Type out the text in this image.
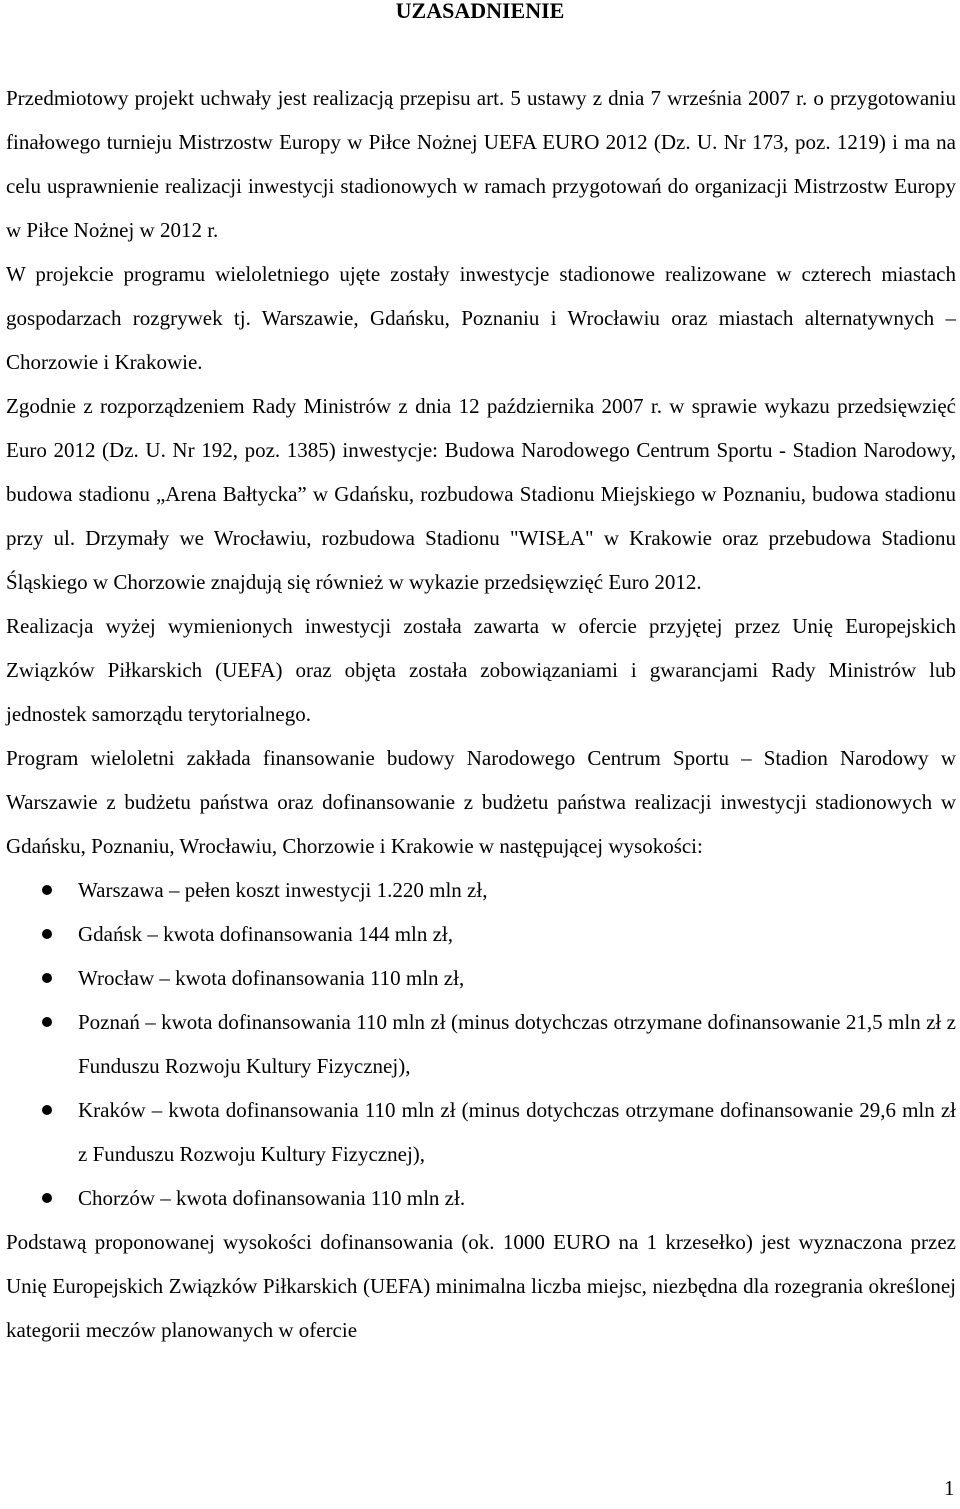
UZASADNIENIE

Przedmiotowy projekt uchwały jest realizacją przepisu art. 5 ustawy z dnia 7 września 2007 r. o przygotowaniu finałowego turnieju Mistrzostw Europy w Piłce Nożnej UEFA EURO 2012 (Dz. U. Nr 173, poz. 1219) i ma na celu usprawnienie realizacji inwestycji stadionowych w ramach przygotowań do organizacji Mistrzostw Europy w Piłce Nożnej w 2012 r.

W projekcie programu wieloletniego ujęte zostały inwestycje stadionowe realizowane w czterech miastach gospodarzach rozgrywek tj. Warszawie, Gdańsku, Poznaniu i Wrocławiu oraz miastach alternatywnych – Chorzowie i Krakowie.

Zgodnie z rozporządzeniem Rady Ministrów z dnia 12 października 2007 r. w sprawie wykazu przedsięwzięć Euro 2012 (Dz. U. Nr 192, poz. 1385) inwestycje: Budowa Narodowego Centrum Sportu - Stadion Narodowy, budowa stadionu „Arena Bałtycka” w Gdańsku, rozbudowa Stadionu Miejskiego w Poznaniu, budowa stadionu przy ul. Drzymały we Wrocławiu, rozbudowa Stadionu "WISŁA" w Krakowie oraz przebudowa Stadionu Śląskiego w Chorzowie znajdują się również w wykazie przedsięwzięć Euro 2012.

Realizacja wyżej wymienionych inwestycji została zawarta w ofercie przyjętej przez Unię Europejskich Związków Piłkarskich (UEFA) oraz objęta została zobowiązaniami i gwarancjami Rady Ministrów lub jednostek samorządu terytorialnego.

Program wieloletni zakłada finansowanie budowy Narodowego Centrum Sportu – Stadion Narodowy w Warszawie z budżetu państwa oraz dofinansowanie z budżetu państwa realizacji inwestycji stadionowych w Gdańsku, Poznaniu, Wrocławiu, Chorzowie i Krakowie w następującej wysokości:

Warszawa – pełen koszt inwestycji 1.220 mln zł,
Gdańsk – kwota dofinansowania 144 mln zł,
Wrocław – kwota dofinansowania 110 mln zł,
Poznań – kwota dofinansowania 110 mln zł (minus dotychczas otrzymane dofinansowanie 21,5 mln zł z Funduszu Rozwoju Kultury Fizycznej),
Kraków – kwota dofinansowania 110 mln zł (minus dotychczas otrzymane dofinansowanie 29,6 mln zł z Funduszu Rozwoju Kultury Fizycznej),
Chorzów – kwota dofinansowania 110 mln zł.

Podstawą proponowanej wysokości dofinansowania (ok. 1000 EURO na 1 krzesełko) jest wyznaczona przez Unię Europejskich Związków Piłkarskich (UEFA) minimalna liczba miejsc, niezbędna dla rozegrania określonej kategorii meczów planowanych w ofercie

1
